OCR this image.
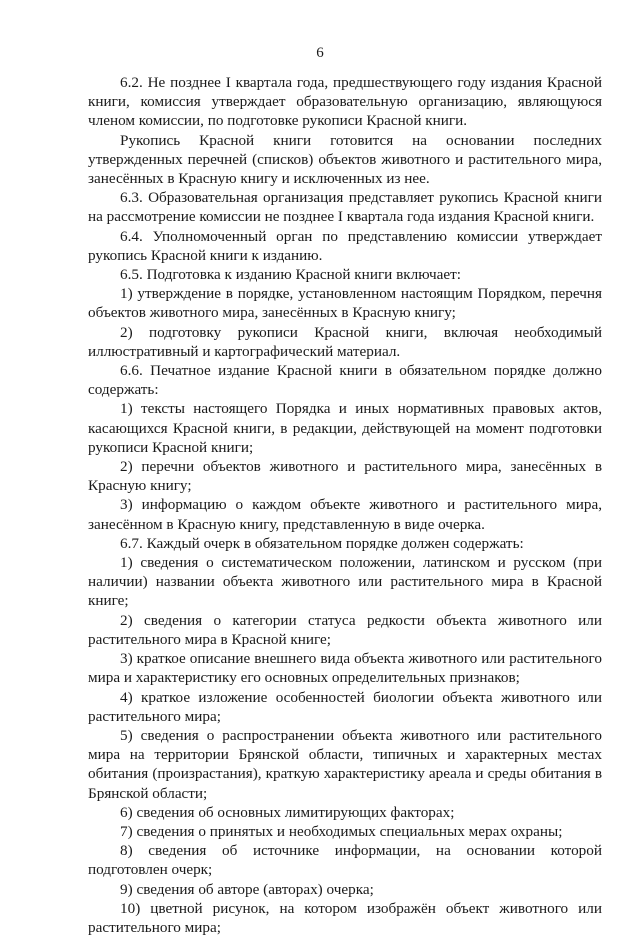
6

6.2. Не позднее I квартала года, предшествующего году издания Красной книги, комиссия утверждает образовательную организацию, являющуюся членом комиссии, по подготовке рукописи Красной книги.

Рукопись Красной книги готовится на основании последних утвержденных перечней (списков) объектов животного и растительного мира, занесённых в Красную книгу и исключенных из нее.

6.3. Образовательная организация представляет рукопись Красной книги на рассмотрение комиссии не позднее I квартала года издания Красной книги.

6.4. Уполномоченный орган по представлению комиссии утверждает рукопись Красной книги к изданию.

6.5. Подготовка к изданию Красной книги включает:

1) утверждение в порядке, установленном настоящим Порядком, перечня объектов животного мира, занесённых в Красную книгу;

2) подготовку рукописи Красной книги, включая необходимый иллюстративный и картографический материал.

6.6. Печатное издание Красной книги в обязательном порядке должно содержать:

1) тексты настоящего Порядка и иных нормативных правовых актов, касающихся Красной книги, в редакции, действующей на момент подготовки рукописи Красной книги;

2) перечни объектов животного и растительного мира, занесённых в Красную книгу;

3) информацию о каждом объекте животного и растительного мира, занесённом в Красную книгу, представленную в виде очерка.

6.7. Каждый очерк в обязательном порядке должен содержать:

1) сведения о систематическом положении, латинском и русском (при наличии) названии объекта животного или растительного мира в Красной книге;

2) сведения о категории статуса редкости объекта животного или растительного мира в Красной книге;

3) краткое описание внешнего вида объекта животного или растительного мира и характеристику его основных определительных признаков;

4) краткое изложение особенностей биологии объекта животного или растительного мира;

5) сведения о распространении объекта животного или растительного мира на территории Брянской области, типичных и характерных местах обитания (произрастания), краткую характеристику ареала и среды обитания в Брянской области;

6) сведения об основных лимитирующих факторах;

7) сведения о принятых и необходимых специальных мерах охраны;

8) сведения об источнике информации, на основании которой подготовлен очерк;

9) сведения об авторе (авторах) очерка;

10) цветной рисунок, на котором изображён объект животного или растительного мира;
